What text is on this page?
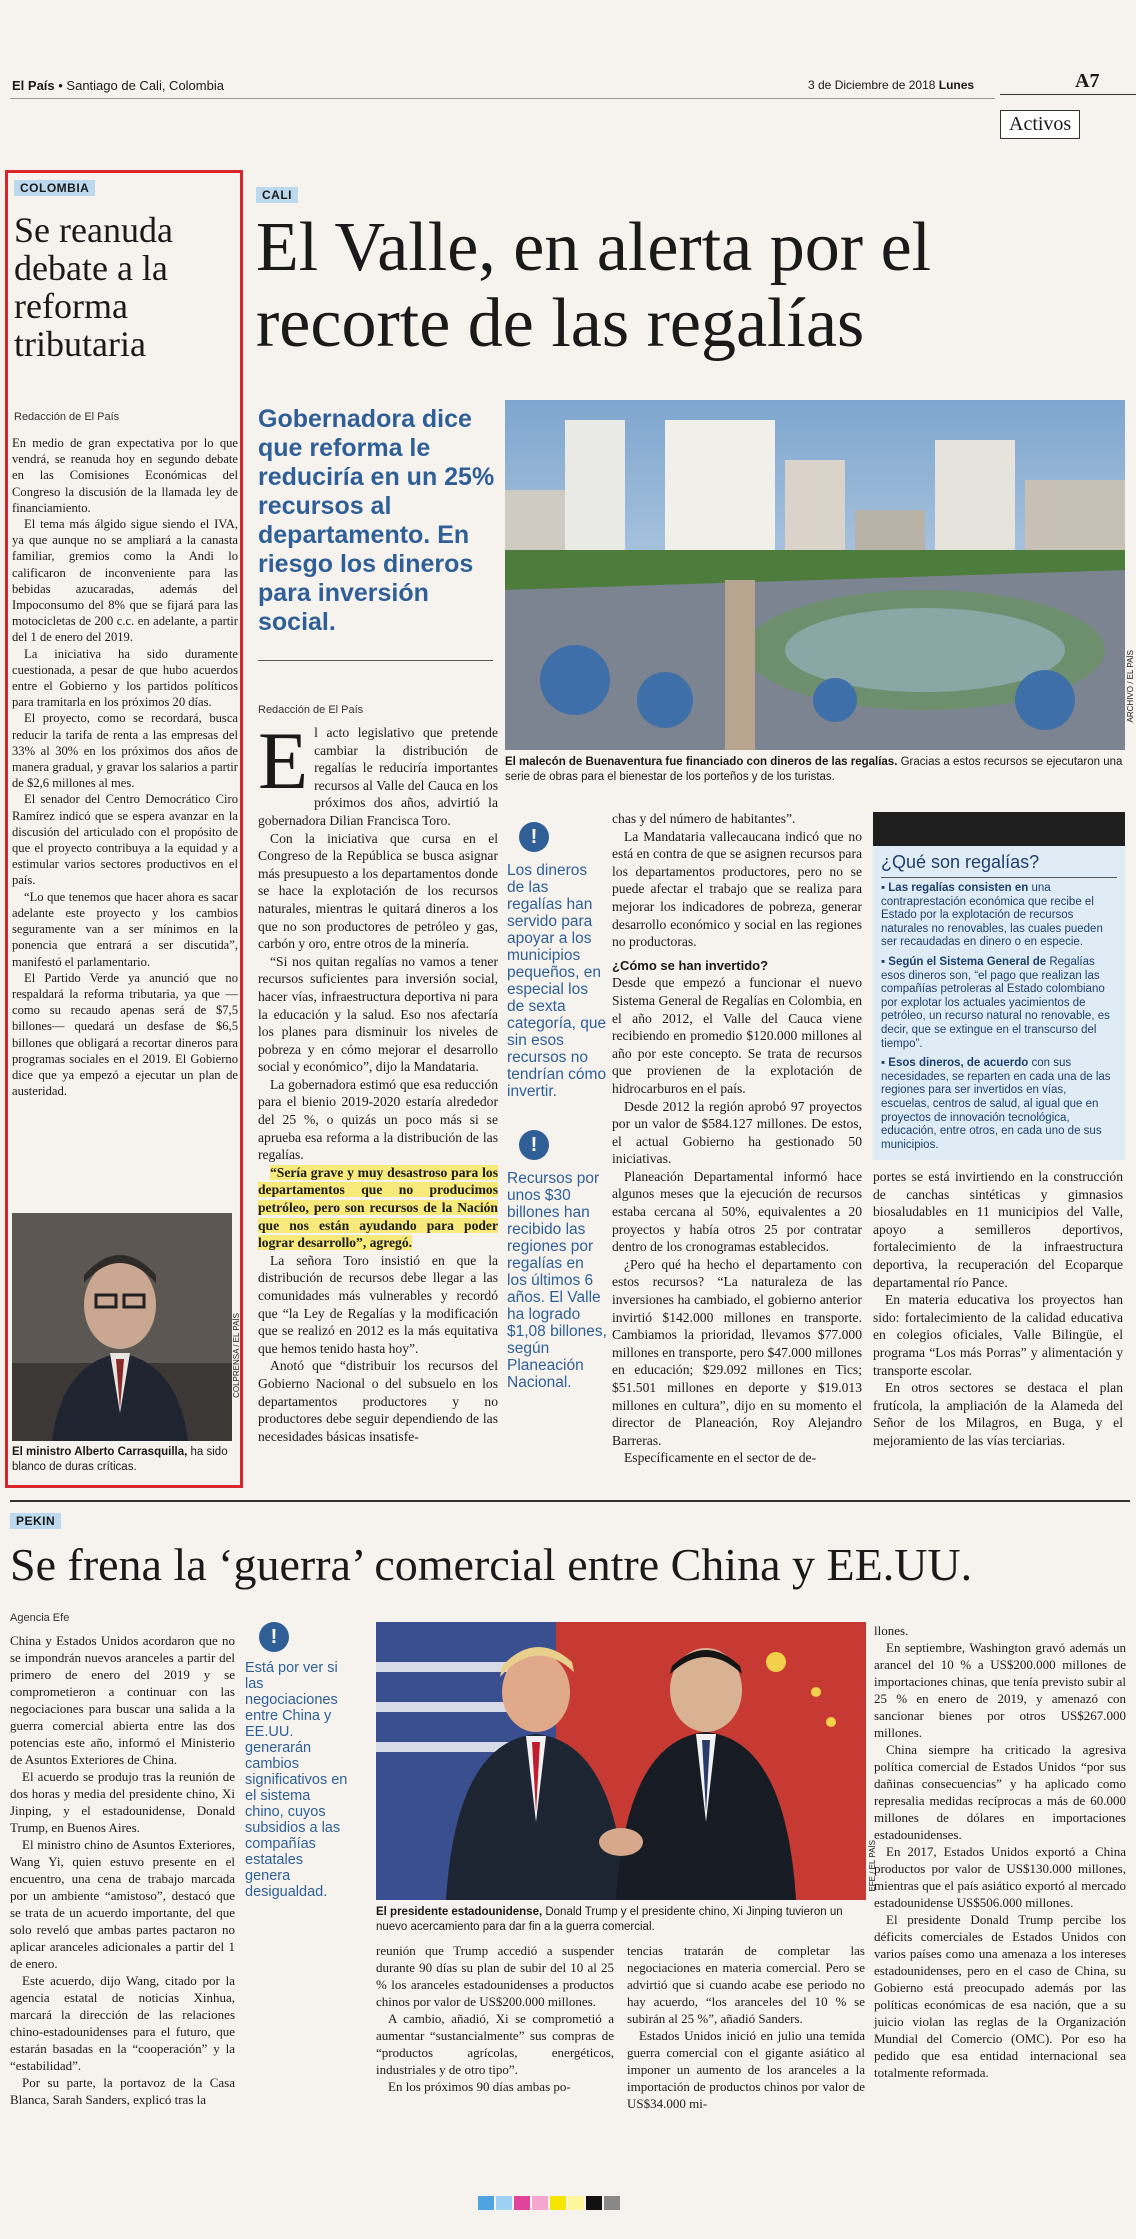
El País • Santiago de Cali, Colombia	3 de Diciembre de 2018 Lunes	A7
Activos
COLOMBIA
Se reanuda debate a la reforma tributaria
Redacción de El País

En medio de gran expectativa por lo que vendrá, se reanuda hoy en segundo debate en las Comisiones Económicas del Congreso la discusión de la llamada ley de financiamiento.

El tema más álgido sigue siendo el IVA, ya que aunque no se ampliará a la canasta familiar, gremios como la Andi lo calificaron de inconveniente para las bebidas azucaradas, además del Impoconsumo del 8% que se fijará para las motocicletas de 200 c.c. en adelante, a partir del 1 de enero del 2019.

La iniciativa ha sido duramente cuestionada, a pesar de que hubo acuerdos entre el Gobierno y los partidos políticos para tramitarla en los próximos 20 días.

El proyecto, como se recordará, busca reducir la tarifa de renta a las empresas del 33% al 30% en los próximos dos años de manera gradual, y gravar los salarios a partir de $2,6 millones al mes.

El senador del Centro Democrático Ciro Ramírez indicó que se espera avanzar en la discusión del articulado con el propósito de que el proyecto contribuya a la equidad y a estimular varios sectores productivos en el país.

“Lo que tenemos que hacer ahora es sacar adelante este proyecto y los cambios seguramente van a ser mínimos en la ponencia que entrará a ser discutida”, manifestó el parlamentario.

El Partido Verde ya anunció que no respaldará la reforma tributaria, ya que —como su recaudo apenas será de $7,5 billones— quedará un desfase de $6,5 billones que obligará a recortar dineros para programas sociales en el 2019. El Gobierno dice que ya empezó a ejecutar un plan de austeridad.

COLPRENSA / EL PAÍS
El ministro Alberto Carrasquilla, ha sido blanco de duras críticas.
CALI
El Valle, en alerta por el recorte de las regalías
Gobernadora dice que reforma le reduciría en un 25% recursos al departamento. En riesgo los dineros para inversión social.
Redacción de El País	ARCHIVO / EL PAÍS
El malecón de Buenaventura fue financiado con dineros de las regalías. Gracias a estos recursos se ejecutaron una serie de obras para el bienestar de los porteños y de los turistas.
E l acto legislativo que pretende cambiar la distribución de regalías le reduciría importantes recursos al Valle del Cauca en los próximos dos años, advirtió la gobernadora Dilian Francisca Toro.

Con la iniciativa que cursa en el Congreso de la República se busca asignar más presupuesto a los departamentos donde se hace la explotación de los recursos naturales, mientras le quitará dineros a los que no son productores de petróleo y gas, carbón y oro, entre otros de la minería.

“Si nos quitan regalías no vamos a tener recursos suficientes para inversión social, hacer vías, infraestructura deportiva ni para la educación y la salud. Eso nos afectaría los planes para disminuir los niveles de pobreza y en cómo mejorar el desarrollo social y económico”, dijo la Mandataria.

La gobernadora estimó que esa reducción para el bienio 2019-2020 estaría alrededor del 25 %, o quizás un poco más si se aprueba esa reforma a la distribución de las regalías.

“Sería grave y muy desastroso para los departamentos que no producimos petróleo, pero son recursos de la Nación que nos están ayudando para poder lograr desarrollo”, agregó.

La señora Toro insistió en que la distribución de recursos debe llegar a las comunidades más vulnerables y recordó que “la Ley de Regalías y la modificación que se realizó en 2012 es la más equitativa que hemos tenido hasta hoy”.

Anotó que “distribuir los recursos del Gobierno Nacional o del subsuelo en los departamentos productores y no productores debe seguir dependiendo de las necesidades básicas insatisfe-

!
Los dineros de las regalías han servido para apoyar a los municipios pequeños, en especial los de sexta categoría, que sin esos recursos no tendrían cómo invertir.
!
Recursos por unos $30 billones han recibido las regiones por regalías en los últimos 6 años. El Valle ha logrado $1,08 billones, según Planeación Nacional.

chas y del número de habitantes”.

La Mandataria vallecaucana indicó que no está en contra de que se asignen recursos para los departamentos productores, pero no se puede afectar el trabajo que se realiza para mejorar los indicadores de pobreza, generar desarrollo económico y social en las regiones no productoras.

¿Cómo se han invertido?

Desde que empezó a funcionar el nuevo Sistema General de Regalías en Colombia, en el año 2012, el Valle del Cauca viene recibiendo en promedio $120.000 millones al año por este concepto. Se trata de recursos que provienen de la explotación de hidrocarburos en el país.

Desde 2012 la región aprobó 97 proyectos por un valor de $584.127 millones. De estos, el actual Gobierno ha gestionado 50 iniciativas.

Planeación Departamental informó hace algunos meses que la ejecución de recursos estaba cercana al 50%, equivalentes a 20 proyectos y había otros 25 por contratar dentro de los cronogramas establecidos.

¿Pero qué ha hecho el departamento con estos recursos? “La naturaleza de las inversiones ha cambiado, el gobierno anterior invirtió $142.000 millones en transporte. Cambiamos la prioridad, llevamos $77.000 millones en transporte, pero $47.000 millones en educación; $29.092 millones en Tics; $51.501 millones en deporte y $19.013 millones en cultura”, dijo en su momento el director de Planeación, Roy Alejandro Barreras.

Específicamente en el sector de de-

¿Qué son regalías?
▪ Las regalías consisten en una contraprestación económica que recibe el Estado por la explotación de recursos naturales no renovables, las cuales pueden ser recaudadas en dinero o en especie.
▪ Según el Sistema General de Regalías esos dineros son, “el pago que realizan las compañías petroleras al Estado colombiano por explotar los actuales yacimientos de petróleo, un recurso natural no renovable, es decir, que se extingue en el transcurso del tiempo”.
▪ Esos dineros, de acuerdo con sus necesidades, se reparten en cada una de las regiones para ser invertidos en vías, escuelas, centros de salud, al igual que en proyectos de innovación tecnológica, educación, entre otros, en cada uno de sus municipios.

portes se está invirtiendo en la construcción de canchas sintéticas y gimnasios biosaludables en 11 municipios del Valle, apoyo a semilleros deportivos, fortalecimiento de la infraestructura deportiva, la recuperación del Ecoparque departamental río Pance.

En materia educativa los proyectos han sido: fortalecimiento de la calidad educativa en colegios oficiales, Valle Bilingüe, el programa “Los más Porras” y alimentación y transporte escolar.

En otros sectores se destaca el plan frutícola, la ampliación de la Alameda del Señor de los Milagros, en Buga, y el mejoramiento de las vías terciarias.

PEKIN
Se frena la ‘guerra’ comercial entre China y EE.UU.
Agencia Efe

China y Estados Unidos acordaron que no se impondrán nuevos aranceles a partir del primero de enero del 2019 y se comprometieron a continuar con las negociaciones para buscar una salida a la guerra comercial abierta entre las dos potencias este año, informó el Ministerio de Asuntos Exteriores de China.

El acuerdo se produjo tras la reunión de dos horas y media del presidente chino, Xi Jinping, y el estadounidense, Donald Trump, en Buenos Aires.

El ministro chino de Asuntos Exteriores, Wang Yi, quien estuvo presente en el encuentro, una cena de trabajo marcada por un ambiente “amistoso”, destacó que se trata de un acuerdo importante, del que solo reveló que ambas partes pactaron no aplicar aranceles adicionales a partir del 1 de enero.

Este acuerdo, dijo Wang, citado por la agencia estatal de noticias Xinhua, marcará la dirección de las relaciones chino-estadounidenses para el futuro, que estarán basadas en la “cooperación” y la “estabilidad”.

Por su parte, la portavoz de la Casa Blanca, Sarah Sanders, explicó tras la

!
Está por ver si las negociaciones entre China y EE.UU. generarán cambios significativos en el sistema chino, cuyos subsidios a las compañías estatales genera desigualdad.
EFE / EL PAÍS
El presidente estadounidense, Donald Trump y el presidente chino, Xi Jinping tuvieron un nuevo acercamiento para dar fin a la guerra comercial.

reunión que Trump accedió a suspender durante 90 días su plan de subir del 10 al 25 % los aranceles estadounidenses a productos chinos por valor de US$200.000 millones.

A cambio, añadió, Xi se comprometió a aumentar “sustancialmente” sus compras de “productos agrícolas, energéticos, industriales y de otro tipo”.

En los próximos 90 días ambas po-

tencias tratarán de completar las negociaciones en materia comercial. Pero se advirtió que si cuando acabe ese periodo no hay acuerdo, “los aranceles del 10 % se subirán al 25 %”, añadió Sanders.

Estados Unidos inició en julio una temida guerra comercial con el gigante asiático al imponer un aumento de los aranceles a la importación de productos chinos por valor de US$34.000 mi-

llones.

En septiembre, Washington gravó además un arancel del 10 % a US$200.000 millones de importaciones chinas, que tenía previsto subir al 25 % en enero de 2019, y amenazó con sancionar bienes por otros US$267.000 millones.

China siempre ha criticado la agresiva política comercial de Estados Unidos “por sus dañinas consecuencias” y ha aplicado como represalia medidas recíprocas a más de 60.000 millones de dólares en importaciones estadounidenses.

En 2017, Estados Unidos exportó a China productos por valor de US$130.000 millones, mientras que el país asiático exportó al mercado estadounidense US$506.000 millones.

El presidente Donald Trump percibe los déficits comerciales de Estados Unidos con varios países como una amenaza a los intereses estadounidenses, pero en el caso de China, su Gobierno está preocupado además por las políticas económicas de esa nación, que a su juicio violan las reglas de la Organización Mundial del Comercio (OMC). Por eso ha pedido que esa entidad internacional sea totalmente reformada.
